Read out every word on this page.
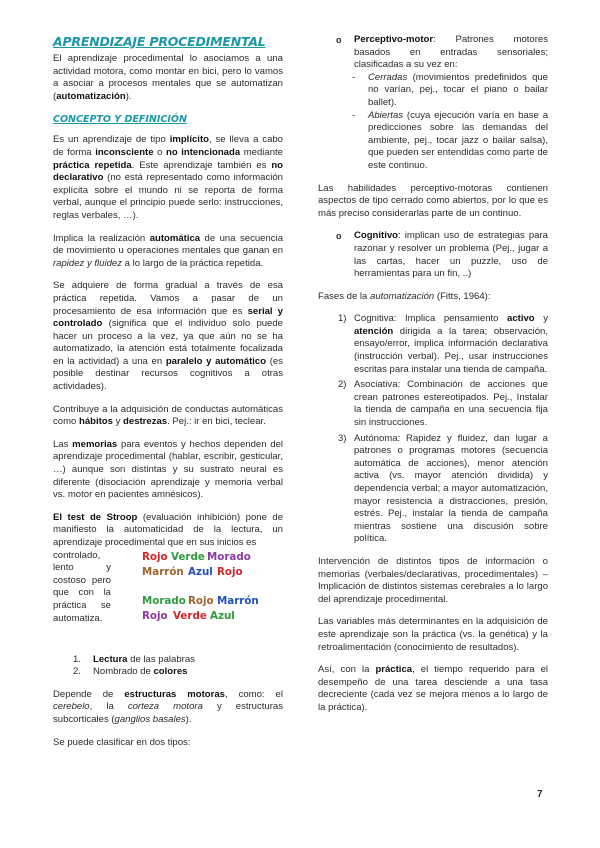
APRENDIZAJE PROCEDIMENTAL

El aprendizaje procedimental lo asociamos a una actividad motora, como montar en bici, pero lo vamos a asociar a procesos mentales que se automatizan (automatización).

CONCEPTO Y DEFINICIÓN

Es un aprendizaje de tipo implícito, se lleva a cabo de forma inconsciente o no intencionada mediante práctica repetida. Este aprendizaje también es no declarativo (no está representado como información explícita sobre el mundo ni se reporta de forma verbal, aunque el principio puede serlo: instrucciones, reglas verbales, …).

Implica la realización automática de una secuencia de movimiento u operaciones mentales que ganan en rapidez y fluidez a lo largo de la práctica repetida.

Se adquiere de forma gradual a través de esa práctica repetida. Vamos a pasar de un procesamiento de esa información que es serial y controlado (significa que el individuo solo puede hacer un proceso a la vez, ya que aún no se ha automatizado, la atención está totalmente focalizada en la actividad) a una en paralelo y automático (es posible destinar recursos cognitivos a otras actividades).

Contribuye a la adquisición de conductas automáticas como hábitos y destrezas. Pej.: ir en bici, teclear.

Las memorias para eventos y hechos dependen del aprendizaje procedimental (hablar, escribir, gesticular, …) aunque son distintas y su sustrato neural es diferente (disociación aprendizaje y memoria verbal vs. motor en pacientes amnésicos).

El test de Stroop (evaluación inhibición) pone de manifiesto la automaticidad de la lectura, un aprendizaje procedimental que en sus inicios es

controlado, lento y costoso pero que con la práctica se automatiza.

Rojo Verde Morado
Marrón Azul Rojo
Morado Rojo Marrón
Rojo Verde Azul
1. Lectura de las palabras
2. Nombrado de colores

Depende de estructuras motoras, como: el cerebelo, la corteza motora y estructuras subcorticales (ganglios basales).

Se puede clasificar en dos tipos:

o Perceptivo-motor: Patrones motores basados en entradas sensoriales; clasificadas a su vez en:

- Cerradas (movimientos predefinidos que no varían, pej., tocar el piano o bailar ballet).

- Abiertas (cuya ejecución varía en base a predicciones sobre las demandas del ambiente, pej., tocar jazz o bailar salsa), que pueden ser entendidas como parte de este continuo.

Las habilidades perceptivo-motoras contienen aspectos de tipo cerrado como abiertos, por lo que es más preciso considerarlas parte de un continuo.

o Cognitivo: implican uso de estrategias para razonar y resolver un problema (Pej., jugar a las cartas, hacer un puzzle, uso de herramientas para un fin, ..)

Fases de la automatización (Fitts, 1964):

1) Cognitiva: Implica pensamiento activo y atención dirigida a la tarea; observación, ensayo/error, implica información declarativa (instrucción verbal). Pej., usar instrucciones escritas para instalar una tienda de campaña.

2) Asociativa: Combinación de acciones que crean patrones estereotipados. Pej., Instalar la tienda de campaña en una secuencia fija sin instrucciones.

3) Autónoma: Rapidez y fluidez, dan lugar a patrones o programas motores (secuencia automática de acciones), menor atención activa (vs. mayor atención dividida) y dependencia verbal; a mayor automatización, mayor resistencia a distracciones, presión, estrés. Pej., instalar la tienda de campaña mientras sostiene una discusión sobre política.

Intervención de distintos tipos de información o memorias (verbales/declarativas, procedimentales) – Implicación de distintos sistemas cerebrales a lo largo del aprendizaje procedimental.

Las variables más determinantes en la adquisición de este aprendizaje son la práctica (vs. la genética) y la retroalimentación (conocimiento de resultados).

Así, con la práctica, el tiempo requerido para el desempeño de una tarea desciende a una tasa decreciente (cada vez se mejora menos a lo largo de la práctica).

7
